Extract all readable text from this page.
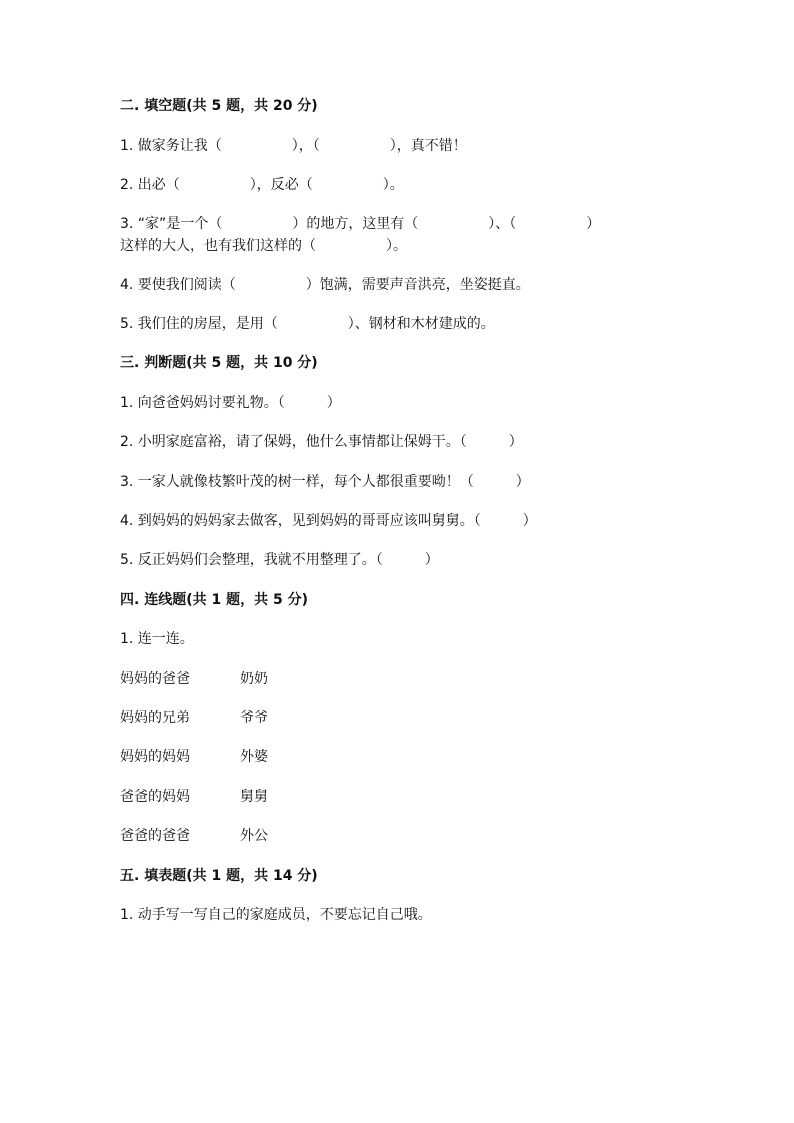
二. 填空题(共 5 题，共 20 分)
1. 做家务让我（　　　　　），（　　　　　），真不错！
2. 出必（　　　　　），反必（　　　　　）。
3. “家”是一个（　　　　　）的地方，这里有（　　　　　）、（　　　　　）
这样的大人，也有我们这样的（　　　　　）。
4. 要使我们阅读（　　　　　）饱满，需要声音洪亮，坐姿挺直。
5. 我们住的房屋，是用（　　　　　）、钢材和木材建成的。
三. 判断题(共 5 题，共 10 分)
1. 向爸爸妈妈讨要礼物。（　　　）
2. 小明家庭富裕，请了保姆，他什么事情都让保姆干。（　　　）
3. 一家人就像枝繁叶茂的树一样，每个人都很重要呦！（　　　）
4. 到妈妈的妈妈家去做客，见到妈妈的哥哥应该叫舅舅。（　　　）
5. 反正妈妈们会整理，我就不用整理了。（　　　）
四. 连线题(共 1 题，共 5 分)
1. 连一连。
妈妈的爸爸	奶奶
妈妈的兄弟	爷爷
妈妈的妈妈	外婆
爸爸的妈妈	舅舅
爸爸的爸爸	外公
五. 填表题(共 1 题，共 14 分)
1. 动手写一写自己的家庭成员，不要忘记自己哦。
